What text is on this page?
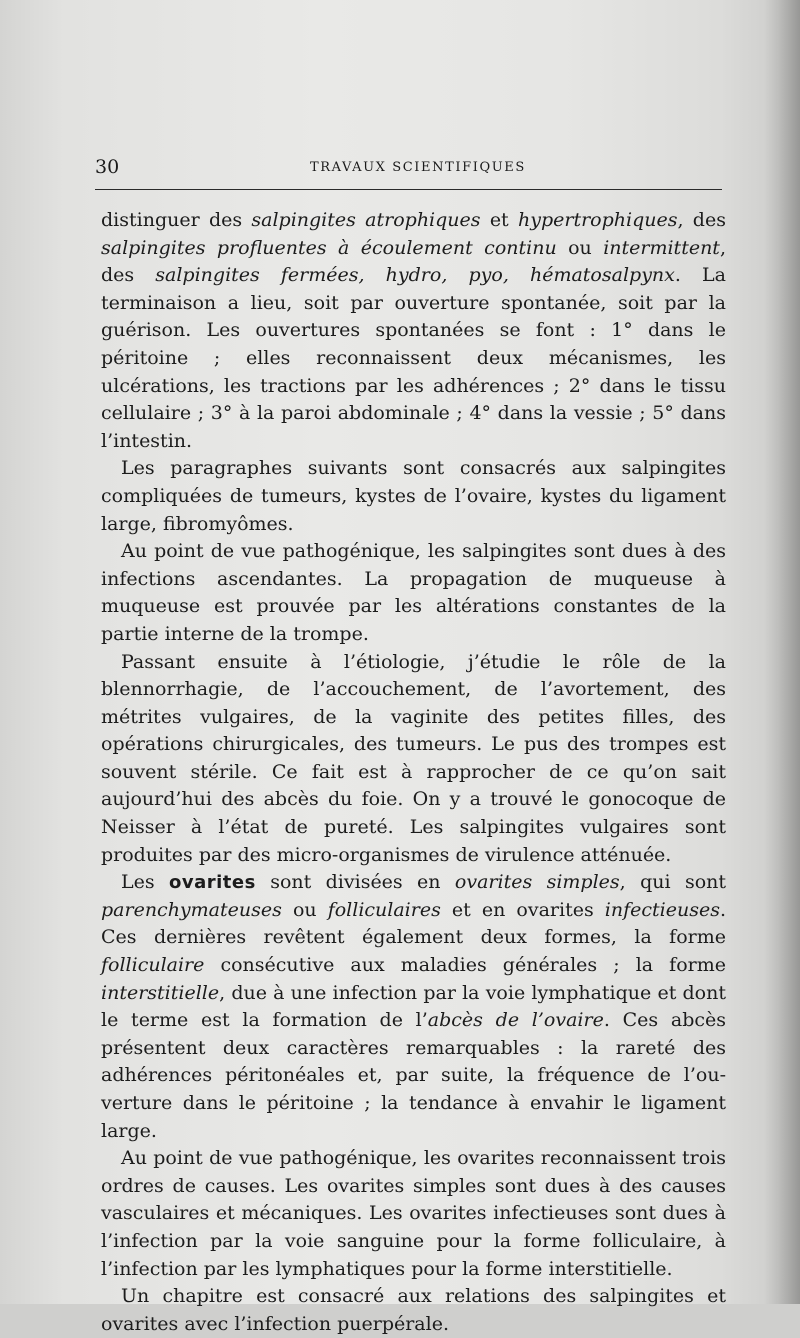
30	TRAVAUX SCIENTIFIQUES

distinguer des salpingites atrophiques et hypertrophiques, des salpingites profluentes à écoulement continu ou intermittent, des salpingites fermées, hydro, pyo, hématosalpynx. La terminaison a lieu, soit par ouverture spontanée, soit par la guérison. Les ouvertures spontanées se font : 1° dans le péritoine ; elles reconnaissent deux mécanismes, les ulcérations, les tractions par les adhérences ; 2° dans le tissu cellulaire ; 3° à la paroi abdominale ; 4° dans la vessie ; 5° dans l’intestin.

Les paragraphes suivants sont consacrés aux salpingites compliquées de tumeurs, kystes de l’ovaire, kystes du ligament large, fibromyômes.

Au point de vue pathogénique, les salpingites sont dues à des infections ascendantes. La propagation de muqueuse à muqueuse est prouvée par les altérations constantes de la partie interne de la trompe.

Passant ensuite à l’étiologie, j’étudie le rôle de la blennorrhagie, de l’accouchement, de l’avortement, des métrites vulgaires, de la vaginite des petites filles, des opérations chirurgicales, des tumeurs. Le pus des trompes est souvent stérile. Ce fait est à rapprocher de ce qu’on sait aujourd’hui des abcès du foie. On y a trouvé le gonocoque de Neisser à l’état de pureté. Les salpingites vulgaires sont produites par des micro-organismes de virulence atténuée.

Les ovarites sont divisées en ovarites simples, qui sont parenchymateuses ou folliculaires et en ovarites infectieuses. Ces dernières revêtent également deux formes, la forme folliculaire consécutive aux maladies générales ; la forme interstitielle, due à une infection par la voie lymphatique et dont le terme est la formation de l’abcès de l’ovaire. Ces abcès présentent deux caractères remarquables : la rareté des adhérences péritonéales et, par suite, la fréquence de l’ouverture dans le péritoine ; la tendance à envahir le ligament large.

Au point de vue pathogénique, les ovarites reconnaissent trois ordres de causes. Les ovarites simples sont dues à des causes vasculaires et mécaniques. Les ovarites infectieuses sont dues à l’infection par la voie sanguine pour la forme folliculaire, à l’infection par les lymphatiques pour la forme interstitielle.

Un chapitre est consacré aux relations des salpingites et ovarites avec l’infection puerpérale.
